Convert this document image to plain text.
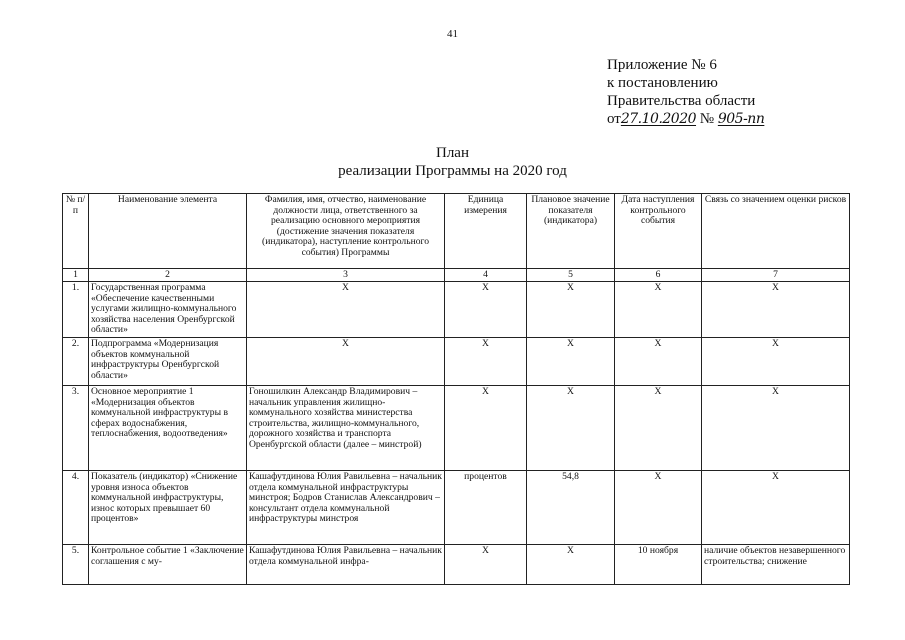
41
Приложение № 6
к постановлению
Правительства области
от27.10.2020 № 905-пп
План
реализации Программы на 2020 год
№ п/п	Наименование элемента	Фамилия, имя, отчество, наименование должности лица, ответственного за реализацию основного мероприятия (достижение значения показателя (индикатора), наступление контрольного события) Программы	Единица измерения	Плановое значение показателя (индикатора)	Дата наступления контрольного события	Связь со значением оценки рисков
1	2	3	4	5	6	7
1.	Государственная программа «Обеспечение качественными услугами жилищно-коммунального хозяйства населения Оренбургской области»	Х	Х	Х	Х	Х
2.	Подпрограмма «Модернизация объектов коммунальной инфраструктуры Оренбургской области»	Х	Х	Х	Х	Х
3.	Основное мероприятие 1 «Модернизация объектов коммунальной инфраструктуры в сферах водоснабжения, теплоснабжения, водоотведения»	Гоношилкин Александр Владимирович – начальник управления жилищно-коммунального хозяйства министерства строительства, жилищно-коммунального, дорожного хозяйства и транспорта Оренбургской области (далее – минстрой)	Х	Х	Х	Х
4.	Показатель (индикатор) «Снижение уровня износа объектов коммунальной инфраструктуры, износ которых превышает 60 процентов»	Кашафутдинова Юлия Равильевна – начальник отдела коммунальной инфраструктуры минстроя; Бодров Станислав Александрович – консультант отдела коммунальной инфраструктуры минстроя	процентов	54,8	Х	Х
5.	Контрольное событие 1 «Заключение соглашения с му-	Кашафутдинова Юлия Равильевна – начальник отдела коммунальной инфра-	Х	Х	10 ноября	наличие объектов незавершенного строительства; снижение
